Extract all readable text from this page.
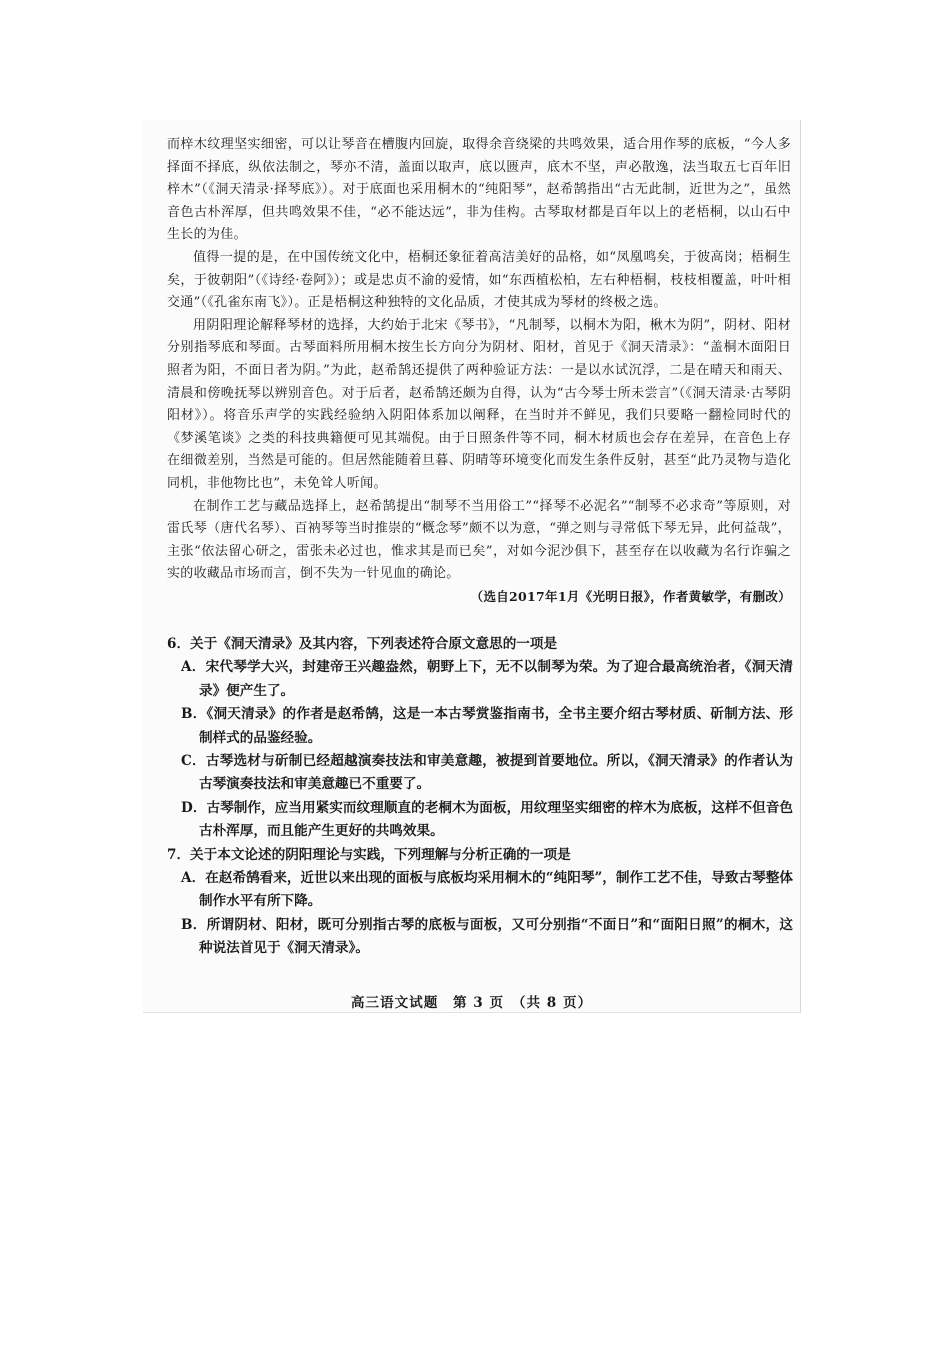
而梓木纹理坚实细密，可以让琴音在槽腹内回旋，取得余音绕梁的共鸣效果，适合用作琴的底板，“今人多择面不择底，纵依法制之，琴亦不清，盖面以取声，底以匮声，底木不坚，声必散逸，法当取五七百年旧梓木”（《洞天清录·择琴底》）。对于底面也采用桐木的“纯阳琴”，赵希鹄指出“古无此制，近世为之”，虽然音色古朴浑厚，但共鸣效果不佳，“必不能达远”，非为佳构。古琴取材都是百年以上的老梧桐，以山石中生长的为佳。

值得一提的是，在中国传统文化中，梧桐还象征着高洁美好的品格，如“凤凰鸣矣，于彼高岗；梧桐生矣，于彼朝阳”（《诗经·卷阿》）；或是忠贞不渝的爱情，如“东西植松柏，左右种梧桐，枝枝相覆盖，叶叶相交通”（《孔雀东南飞》）。正是梧桐这种独特的文化品质，才使其成为琴材的终极之选。

用阴阳理论解释琴材的选择，大约始于北宋《琴书》，“凡制琴，以桐木为阳，楸木为阴”，阴材、阳材分别指琴底和琴面。古琴面料所用桐木按生长方向分为阴材、阳材，首见于《洞天清录》：“盖桐木面阳日照者为阳，不面日者为阴。”为此，赵希鹄还提供了两种验证方法：一是以水试沉浮，二是在晴天和雨天、清晨和傍晚抚琴以辨别音色。对于后者，赵希鹄还颇为自得，认为“古今琴士所未尝言”（《洞天清录·古琴阴阳材》）。将音乐声学的实践经验纳入阴阳体系加以阐释，在当时并不鲜见，我们只要略一翻检同时代的《梦溪笔谈》之类的科技典籍便可见其端倪。由于日照条件等不同，桐木材质也会存在差异，在音色上存在细微差别，当然是可能的。但居然能随着旦暮、阴晴等环境变化而发生条件反射，甚至“此乃灵物与造化同机，非他物比也”，未免耸人听闻。

在制作工艺与藏品选择上，赵希鹄提出“制琴不当用俗工”“择琴不必泥名”“制琴不必求奇”等原则，对雷氏琴（唐代名琴）、百衲琴等当时推崇的“概念琴”颇不以为意，“弹之则与寻常低下琴无异，此何益哉”，主张“依法留心研之，雷张未必过也，惟求其是而已矣”，对如今泥沙俱下，甚至存在以收藏为名行诈骗之实的收藏品市场而言，倒不失为一针见血的确论。

（选自2017年1月《光明日报》，作者黄敏学，有删改）

6．关于《洞天清录》及其内容，下列表述符合原文意思的一项是

A．宋代琴学大兴，封建帝王兴趣盎然，朝野上下，无不以制琴为荣。为了迎合最高统治者，《洞天清录》便产生了。

B．《洞天清录》的作者是赵希鹄，这是一本古琴赏鉴指南书，全书主要介绍古琴材质、斫制方法、形制样式的品鉴经验。

C．古琴选材与斫制已经超越演奏技法和审美意趣，被提到首要地位。所以，《洞天清录》的作者认为古琴演奏技法和审美意趣已不重要了。

D．古琴制作，应当用紧实而纹理顺直的老桐木为面板，用纹理坚实细密的梓木为底板，这样不但音色古朴浑厚，而且能产生更好的共鸣效果。

7．关于本文论述的阴阳理论与实践，下列理解与分析正确的一项是

A．在赵希鹄看来，近世以来出现的面板与底板均采用桐木的“纯阳琴”，制作工艺不佳，导致古琴整体制作水平有所下降。

B．所谓阴材、阳材，既可分别指古琴的底板与面板，又可分别指“不面日”和“面阳日照”的桐木，这种说法首见于《洞天清录》。

高三语文试题　第 3 页　（共 8 页）
